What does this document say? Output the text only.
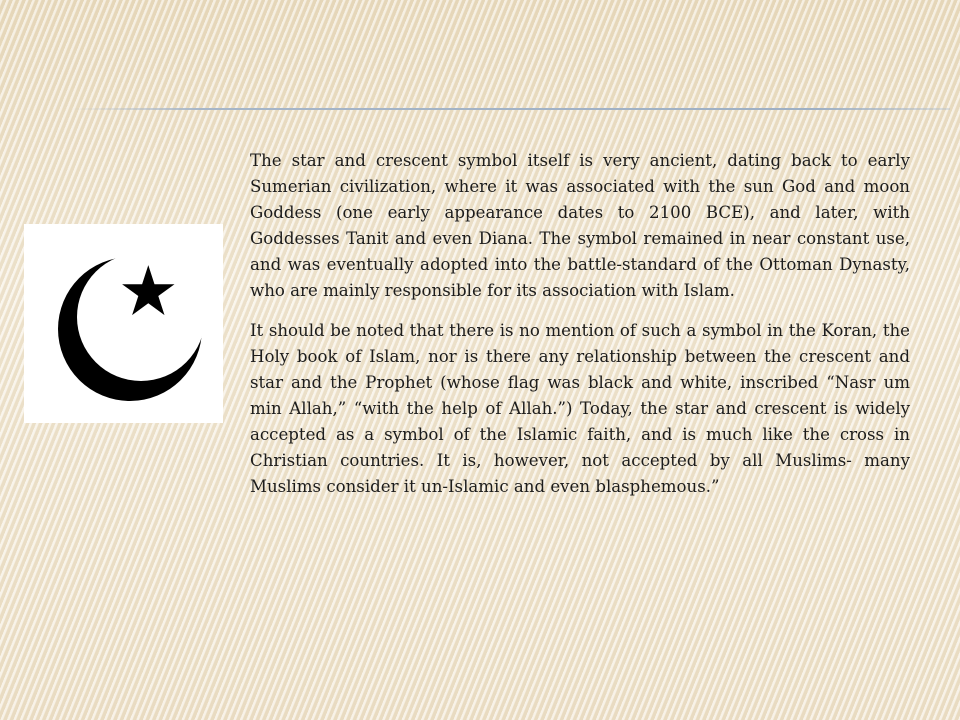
The star and crescent symbol itself is very ancient, dating back to early Sumerian civilization, where it was associated with the sun God and moon Goddess (one early appearance dates to 2100 BCE), and later, with Goddesses Tanit and even Diana. The symbol remained in near constant use, and was eventually adopted into the battle-standard of the Ottoman Dynasty, who are mainly responsible for its association with Islam.

It should be noted that there is no mention of such a symbol in the Koran, the Holy book of Islam, nor is there any relationship between the crescent and star and the Prophet (whose flag was black and white, inscribed “Nasr um min Allah,” “with the help of Allah.”) Today, the star and crescent is widely accepted as a symbol of the Islamic faith, and is much like the cross in Christian countries. It is, however, not accepted by all Muslims- many Muslims consider it un-Islamic and even blasphemous.”
